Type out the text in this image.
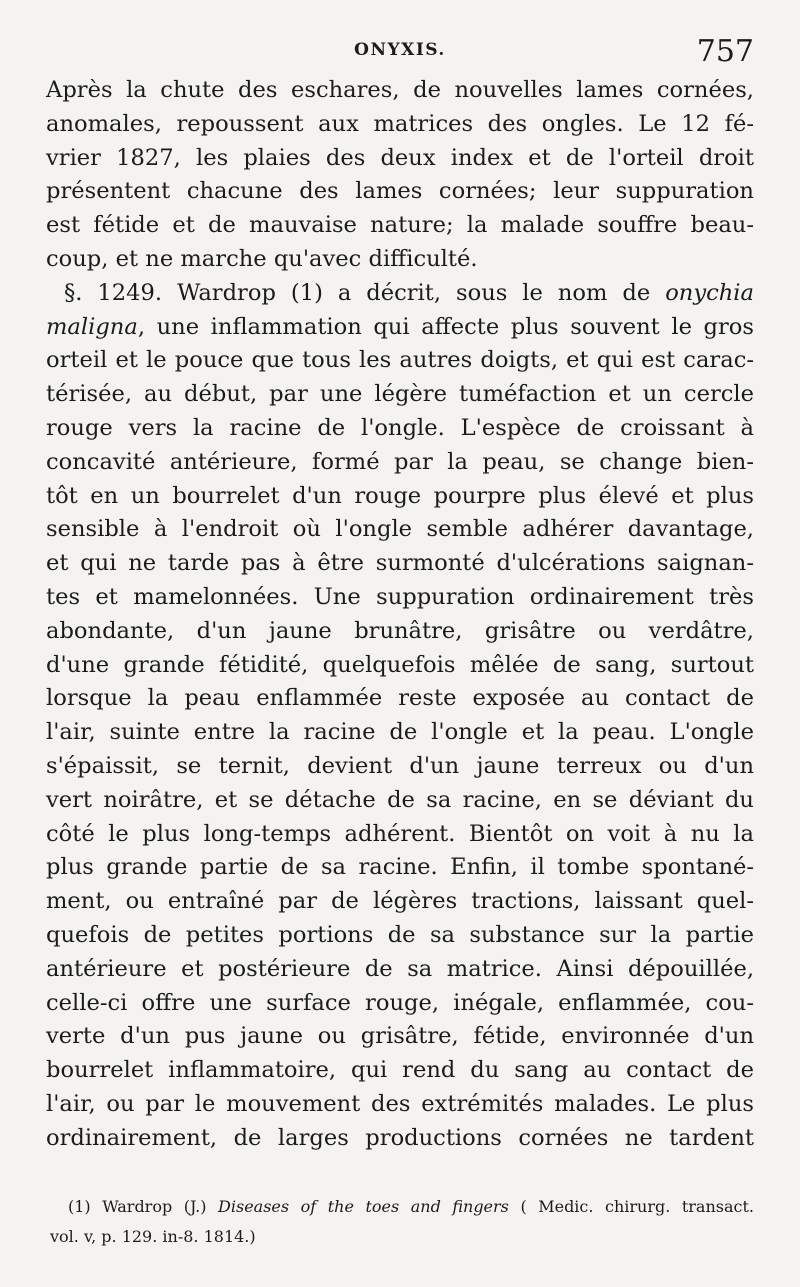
ONYXIS.	757
Après la chute des eschares, de nouvelles lames cornées,
anomales, repoussent aux matrices des ongles. Le 12 fé-
vrier 1827, les plaies des deux index et de l'orteil droit
présentent chacune des lames cornées; leur suppuration
est fétide et de mauvaise nature; la malade souffre beau-
coup, et ne marche qu'avec difficulté.
§. 1249. Wardrop (1) a décrit, sous le nom de onychia
maligna, une inflammation qui affecte plus souvent le gros
orteil et le pouce que tous les autres doigts, et qui est carac-
térisée, au début, par une légère tuméfaction et un cercle
rouge vers la racine de l'ongle. L'espèce de croissant à
concavité antérieure, formé par la peau, se change bien-
tôt en un bourrelet d'un rouge pourpre plus élevé et plus
sensible à l'endroit où l'ongle semble adhérer davantage,
et qui ne tarde pas à être surmonté d'ulcérations saignan-
tes et mamelonnées. Une suppuration ordinairement très
abondante, d'un jaune brunâtre, grisâtre ou verdâtre,
d'une grande fétidité, quelquefois mêlée de sang, surtout
lorsque la peau enflammée reste exposée au contact de
l'air, suinte entre la racine de l'ongle et la peau. L'ongle
s'épaissit, se ternit, devient d'un jaune terreux ou d'un
vert noirâtre, et se détache de sa racine, en se déviant du
côté le plus long-temps adhérent. Bientôt on voit à nu la
plus grande partie de sa racine. Enfin, il tombe spontané-
ment, ou entraîné par de légères tractions, laissant quel-
quefois de petites portions de sa substance sur la partie
antérieure et postérieure de sa matrice. Ainsi dépouillée,
celle-ci offre une surface rouge, inégale, enflammée, cou-
verte d'un pus jaune ou grisâtre, fétide, environnée d'un
bourrelet inflammatoire, qui rend du sang au contact de
l'air, ou par le mouvement des extrémités malades. Le plus
ordinairement, de larges productions cornées ne tardent
(1) Wardrop (J.) Diseases of the toes and fingers ( Medic. chirurg. transact.
vol. v, p. 129. in-8. 1814.)
